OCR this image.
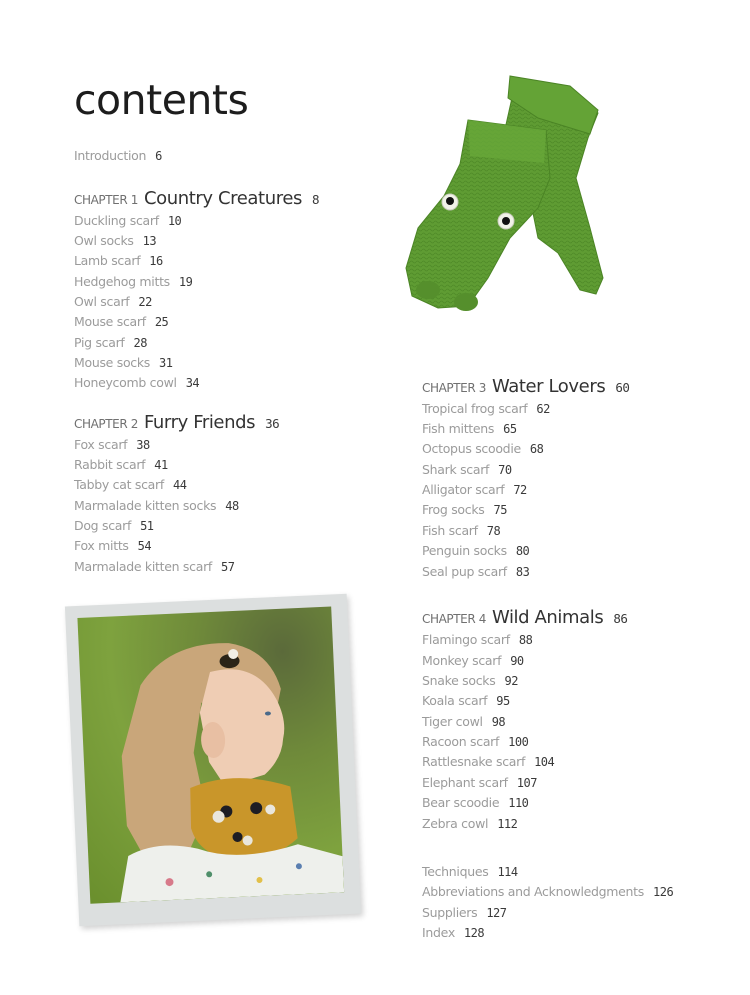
contents
Introduction 6
CHAPTER 1 Country Creatures 8
Duckling scarf 10
Owl socks 13
Lamb scarf 16
Hedgehog mitts 19
Owl scarf 22
Mouse scarf 25
Pig scarf 28
Mouse socks 31
Honeycomb cowl 34
CHAPTER 2 Furry Friends 36
Fox scarf 38
Rabbit scarf 41
Tabby cat scarf 44
Marmalade kitten socks 48
Dog scarf 51
Fox mitts 54
Marmalade kitten scarf 57
CHAPTER 3 Water Lovers 60
Tropical frog scarf 62
Fish mittens 65
Octopus scoodie 68
Shark scarf 70
Alligator scarf 72
Frog socks 75
Fish scarf 78
Penguin socks 80
Seal pup scarf 83
CHAPTER 4 Wild Animals 86
Flamingo scarf 88
Monkey scarf 90
Snake socks 92
Koala scarf 95
Tiger cowl 98
Racoon scarf 100
Rattlesnake scarf 104
Elephant scarf 107
Bear scoodie 110
Zebra cowl 112
Techniques 114
Abbreviations and Acknowledgments 126
Suppliers 127
Index 128
